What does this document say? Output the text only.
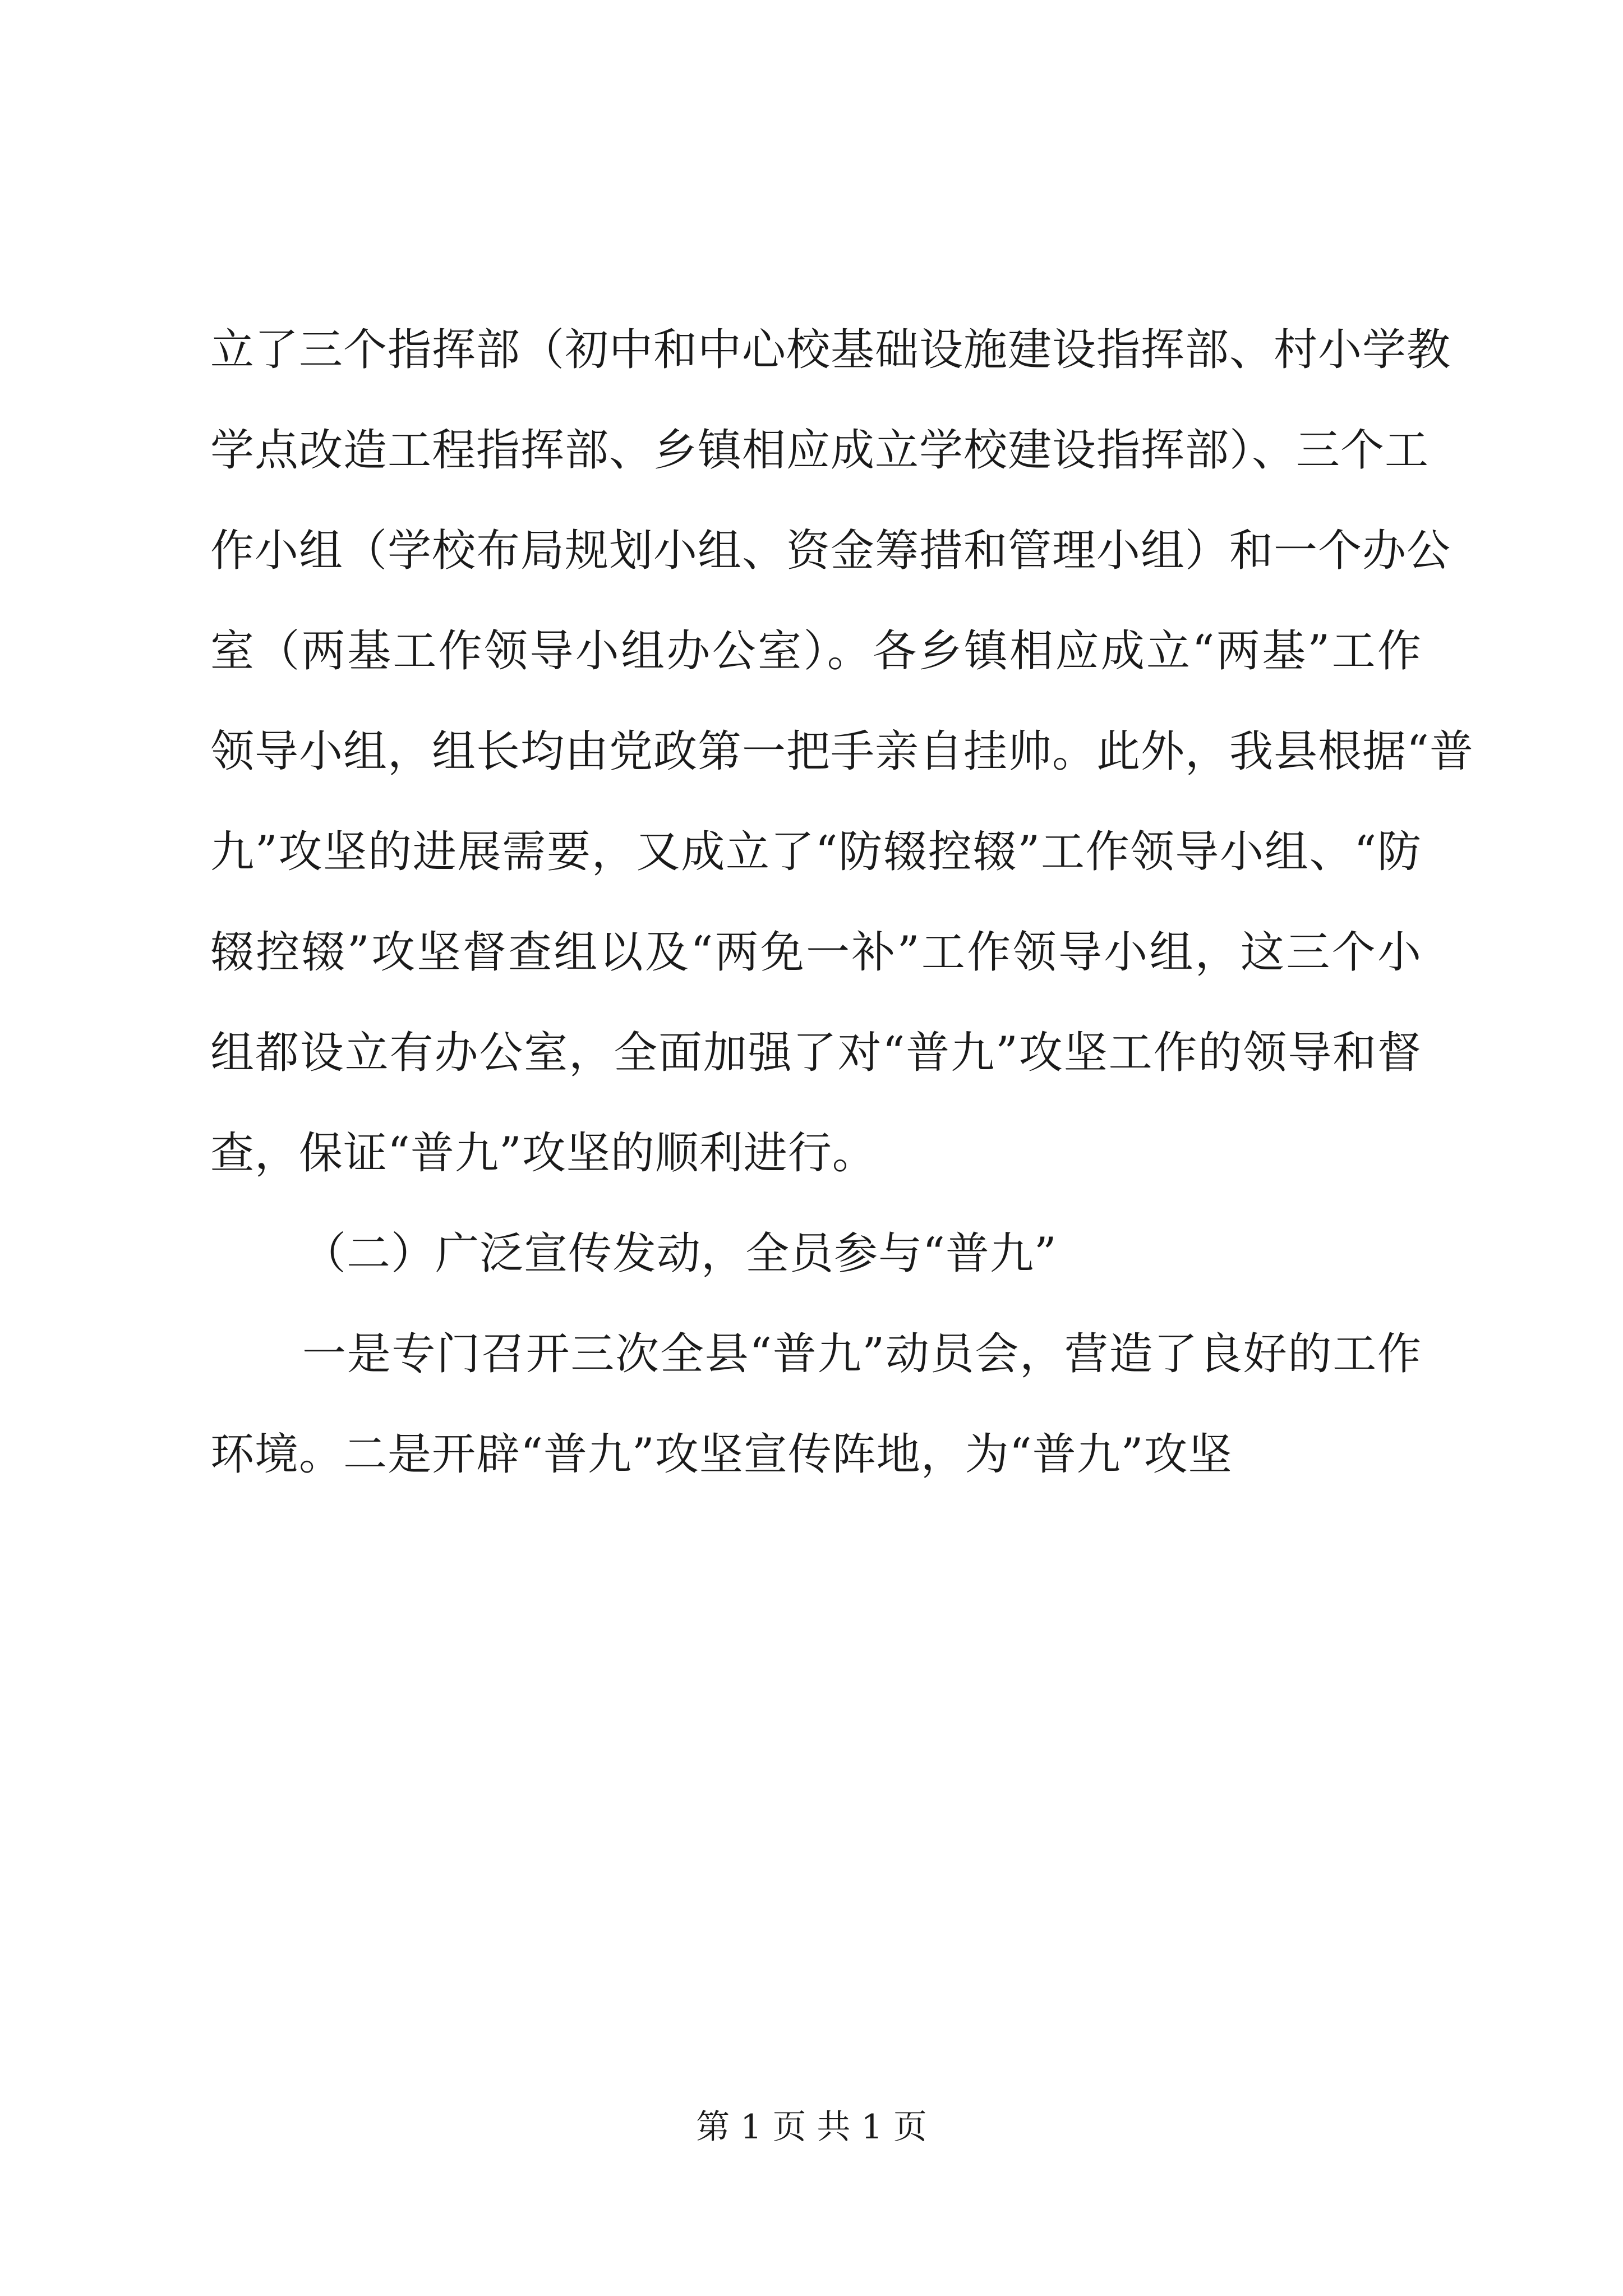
立了三个指挥部（初中和中心校基础设施建设指挥部、村小学教
学点改造工程指挥部、乡镇相应成立学校建设指挥部）、三个工
作小组（学校布局规划小组、资金筹措和管理小组）和一个办公
室（两基工作领导小组办公室）。各乡镇相应成立“两基”工作
领导小组，组长均由党政第一把手亲自挂帅。此外，我县根据“普
九”攻坚的进展需要，又成立了“防辍控辍”工作领导小组、“防
辍控辍”攻坚督查组以及“两免一补”工作领导小组，这三个小
组都设立有办公室，全面加强了对“普九”攻坚工作的领导和督
查，保证“普九”攻坚的顺利进行。
（二）广泛宣传发动，全员参与“普九”
一是专门召开三次全县“普九”动员会，营造了良好的工作
环境。二是开辟“普九”攻坚宣传阵地，为“普九”攻坚
第 1 页 共 1 页
